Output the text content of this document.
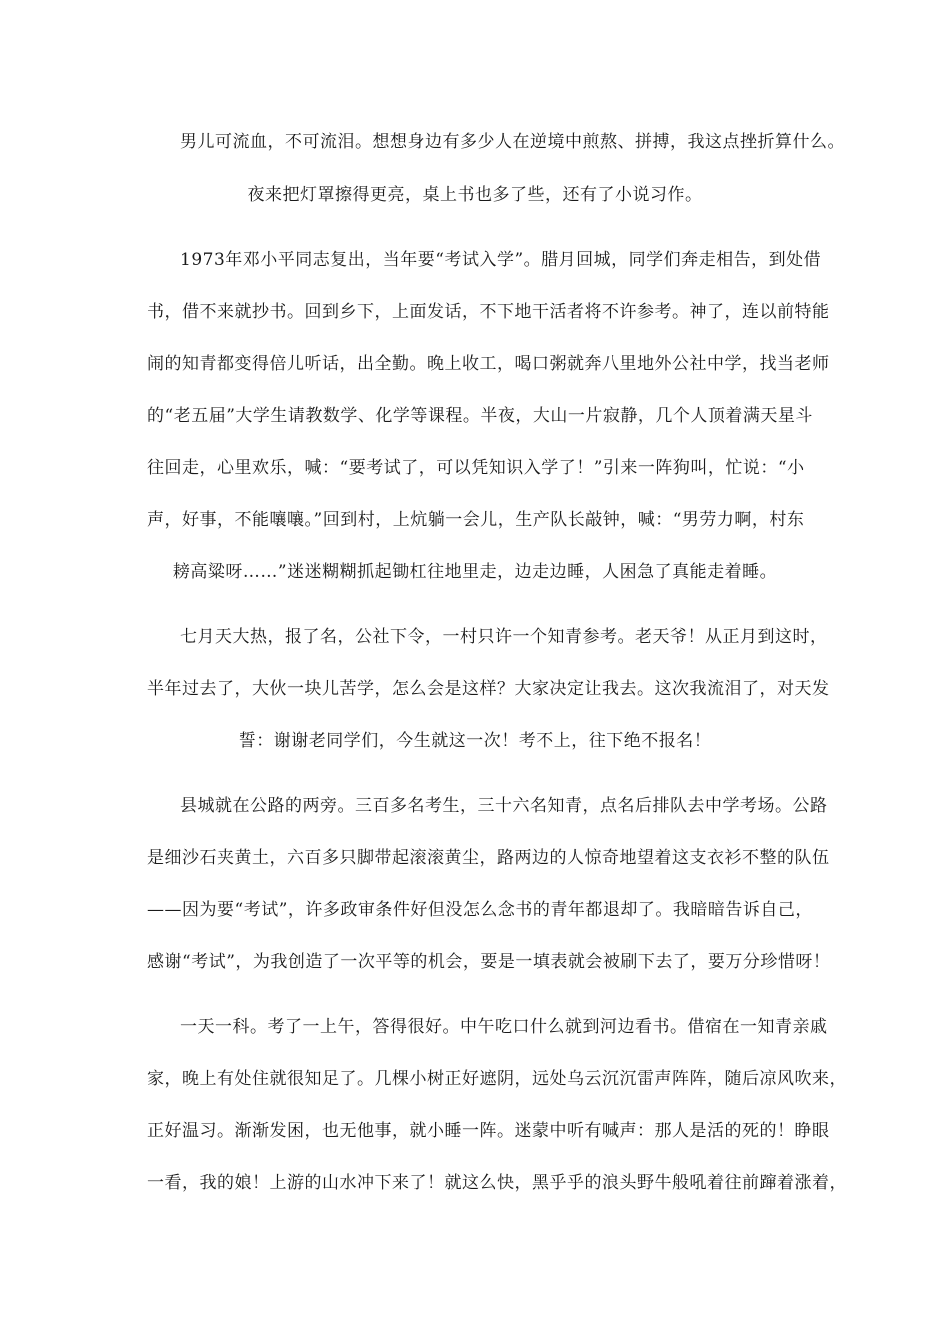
男儿可流血，不可流泪。想想身边有多少人在逆境中煎熬、拼搏，我这点挫折算什么。
夜来把灯罩擦得更亮，桌上书也多了些，还有了小说习作。
1973年邓小平同志复出，当年要“考试入学”。腊月回城，同学们奔走相告，到处借
书，借不来就抄书。回到乡下，上面发话，不下地干活者将不许参考。神了，连以前特能
闹的知青都变得倍儿听话，出全勤。晚上收工，喝口粥就奔八里地外公社中学，找当老师
的“老五届”大学生请教数学、化学等课程。半夜，大山一片寂静，几个人顶着满天星斗
往回走，心里欢乐，喊：“要考试了，可以凭知识入学了！”引来一阵狗叫，忙说：“小
声，好事，不能嚷嚷。”回到村，上炕躺一会儿，生产队长敲钟，喊：“男劳力啊，村东
耪高粱呀……”迷迷糊糊抓起锄杠往地里走，边走边睡，人困急了真能走着睡。
七月天大热，报了名，公社下令，一村只许一个知青参考。老天爷！从正月到这时，
半年过去了，大伙一块儿苦学，怎么会是这样？大家决定让我去。这次我流泪了，对天发
誓：谢谢老同学们，今生就这一次！考不上，往下绝不报名！
县城就在公路的两旁。三百多名考生，三十六名知青，点名后排队去中学考场。公路
是细沙石夹黄土，六百多只脚带起滚滚黄尘，路两边的人惊奇地望着这支衣衫不整的队伍
——因为要“考试”，许多政审条件好但没怎么念书的青年都退却了。我暗暗告诉自己，
感谢“考试”，为我创造了一次平等的机会，要是一填表就会被刷下去了，要万分珍惜呀！
一天一科。考了一上午，答得很好。中午吃口什么就到河边看书。借宿在一知青亲戚
家，晚上有处住就很知足了。几棵小树正好遮阴，远处乌云沉沉雷声阵阵，随后凉风吹来，
正好温习。渐渐发困，也无他事，就小睡一阵。迷蒙中听有喊声：那人是活的死的！睁眼
一看，我的娘！上游的山水冲下来了！就这么快，黑乎乎的浪头野牛般吼着往前蹿着涨着，
